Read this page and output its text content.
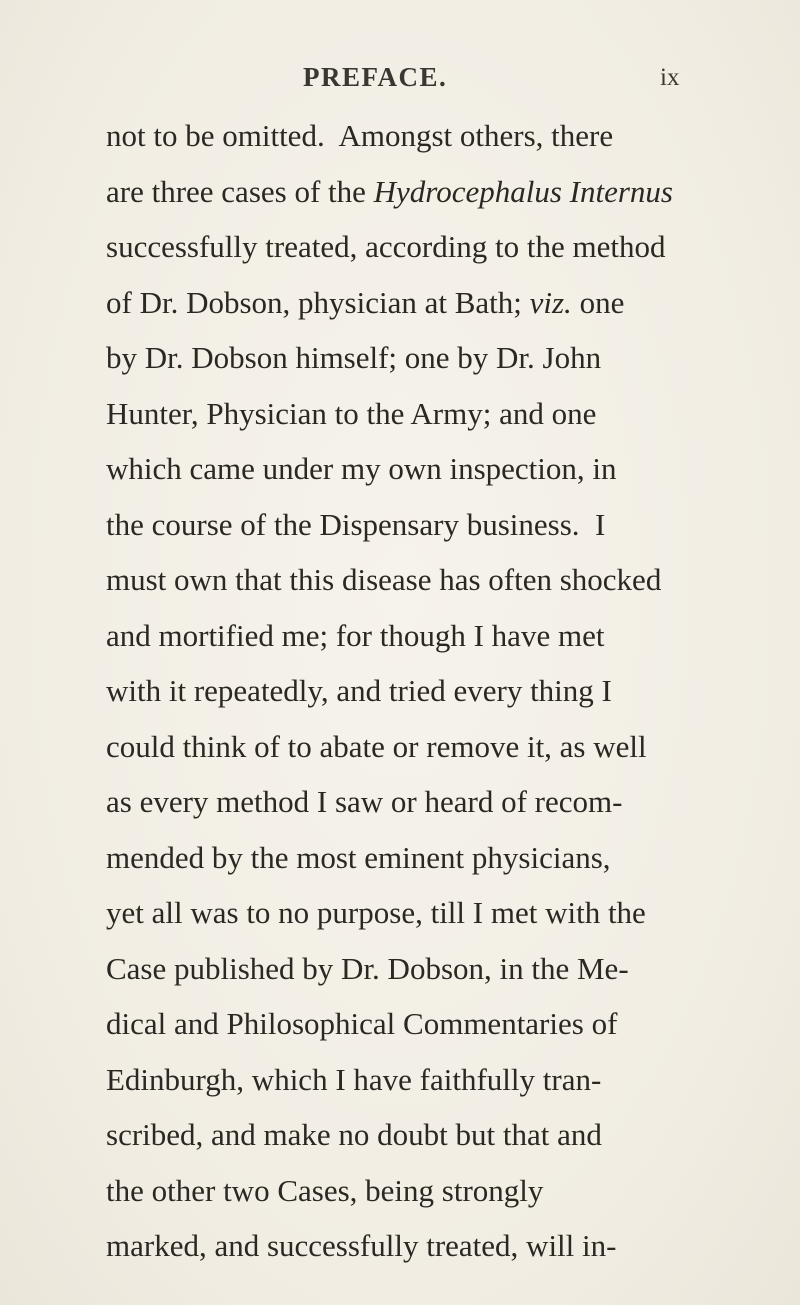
PREFACE.	ix
not to be omitted.  Amongst others, there
are three cases of the Hydrocephalus Internus
successfully treated, according to the method
of Dr. Dobson, physician at Bath; viz. one
by Dr. Dobson himself; one by Dr. John
Hunter, Physician to the Army; and one
which came under my own inspection, in
the course of the Dispensary business.  I
must own that this disease has often shocked
and mortified me; for though I have met
with it repeatedly, and tried every thing I
could think of to abate or remove it, as well
as every method I saw or heard of recom-
mended by the most eminent physicians,
yet all was to no purpose, till I met with the
Case published by Dr. Dobson, in the Me-
dical and Philosophical Commentaries of
Edinburgh, which I have faithfully tran-
scribed, and make no doubt but that and
the other two Cases, being strongly
marked, and successfully treated, will in-
